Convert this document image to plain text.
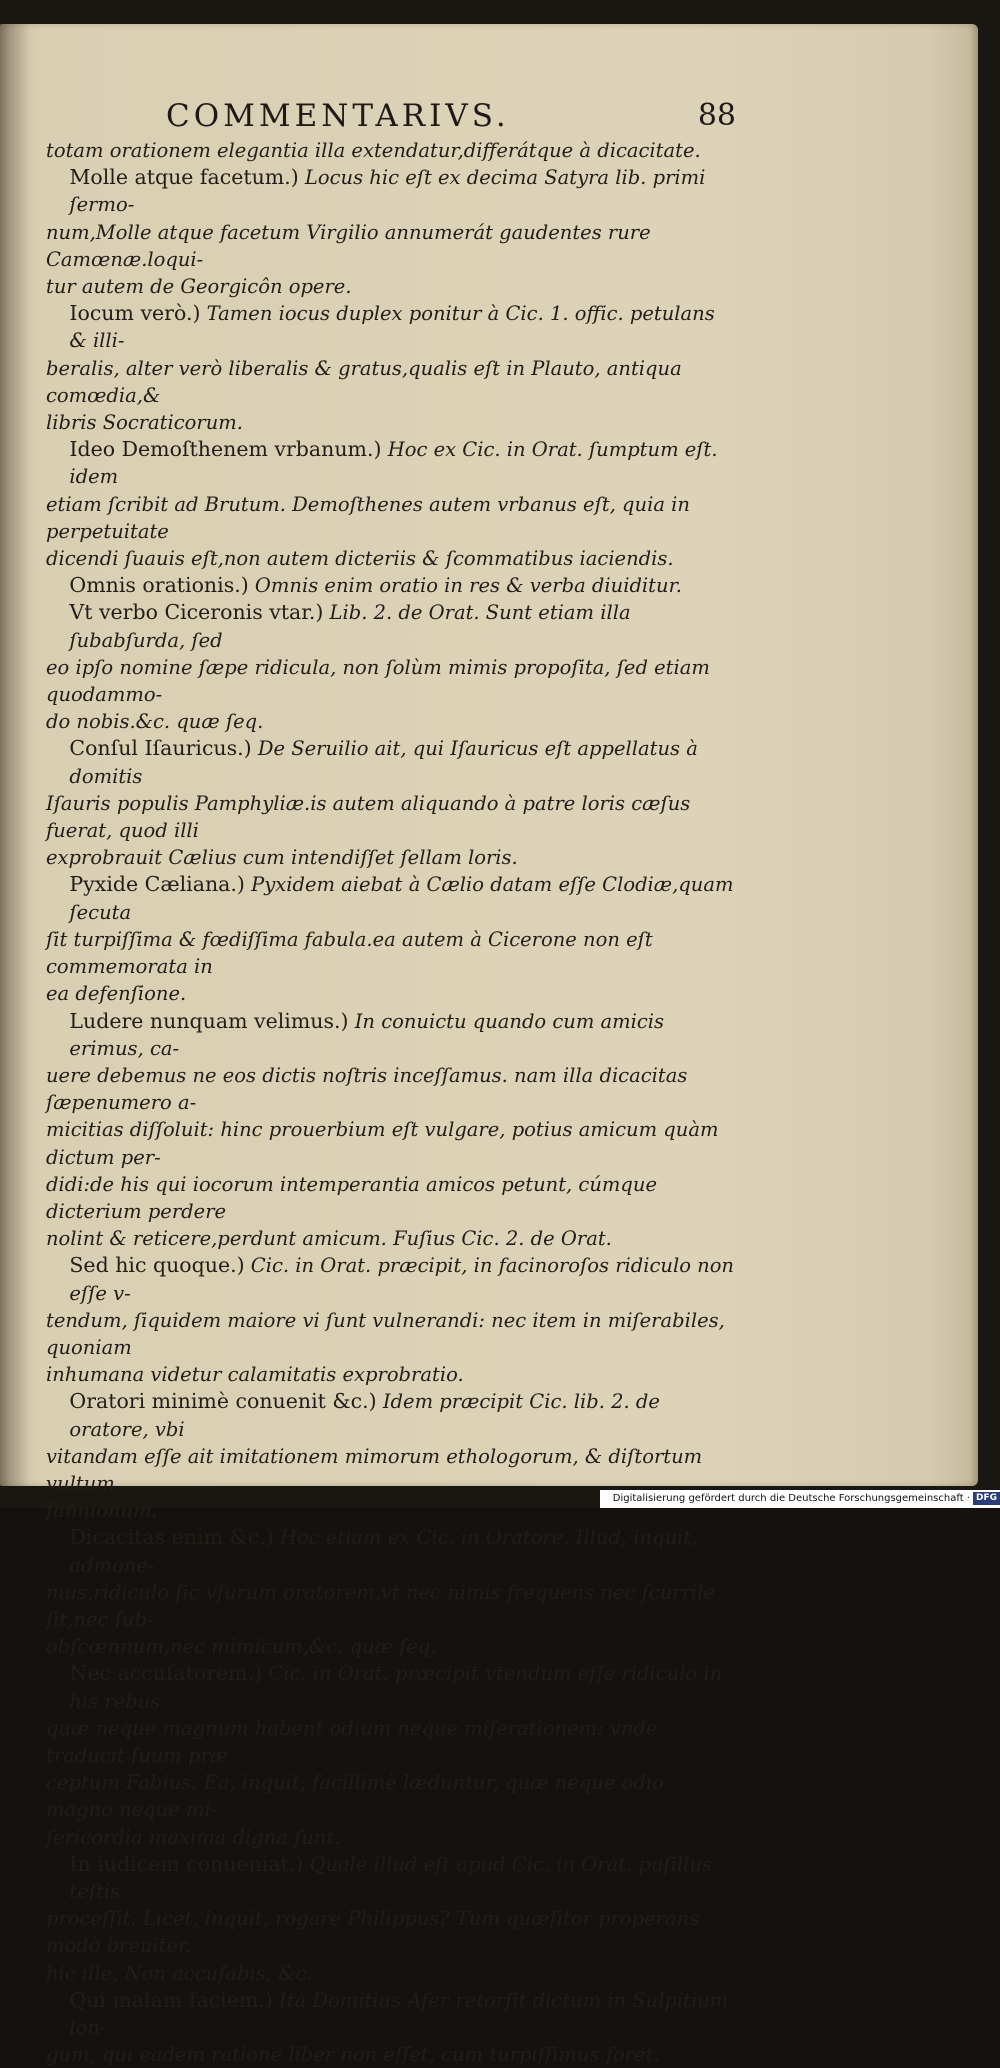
COMMENTARIVS.	88
totam orationem elegantia illa extendatur,differátque à dicacitate.
Molle atque facetum.) Locus hic eſt ex decima Satyra lib. primi ſermo-
num,Molle atque facetum Virgilio annumerát gaudentes rure Camœnæ.loqui-
tur autem de Georgicôn opere.
Iocum verò.) Tamen iocus duplex ponitur à Cic. 1. offic. petulans & illi-
beralis, alter verò liberalis & gratus,qualis eſt in Plauto, antiqua comœdia,&
libris Socraticorum.
Ideo Demoſthenem vrbanum.) Hoc ex Cic. in Orat. ſumptum eſt. idem
etiam ſcribit ad Brutum. Demoſthenes autem vrbanus eſt, quia in perpetuitate
dicendi ſuauis eſt,non autem dicteriis & ſcommatibus iaciendis.
Omnis orationis.) Omnis enim oratio in res & verba diuiditur.
Vt verbo Ciceronis vtar.) Lib. 2. de Orat. Sunt etiam illa ſubabſurda, ſed
eo ipſo nomine ſæpe ridicula, non ſolùm mimis propoſita, ſed etiam quodammo-
do nobis.&c. quæ ſeq.
Conſul Iſauricus.) De Seruilio ait, qui Iſauricus eſt appellatus à domitis
Iſauris populis Pamphyliæ.is autem aliquando à patre loris cæſus fuerat, quod illi
exprobrauit Cælius cum intendiſſet ſellam loris.
Pyxide Cæliana.) Pyxidem aiebat à Cælio datam eſſe Clodiæ,quam ſecuta
ſit turpiſſima & fœdiſſima fabula.ea autem à Cicerone non eſt commemorata in
ea defenſione.
Ludere nunquam velimus.) In conuictu quando cum amicis erimus, ca-
uere debemus ne eos dictis noſtris inceſſamus. nam illa dicacitas ſæpenumero a-
micitias diſſoluit: hinc prouerbium eſt vulgare, potius amicum quàm dictum per-
didi:de his qui iocorum intemperantia amicos petunt, cúmque dicterium perdere
nolint & reticere,perdunt amicum. Fuſius Cic. 2. de Orat.
Sed hic quoque.) Cic. in Orat. præcipit, in facinoroſos ridiculo non eſſe v-
tendum, ſiquidem maiore vi ſunt vulnerandi: nec item in miſerabiles, quoniam
inhumana videtur calamitatis exprobratio.
Oratori minimè conuenit &c.) Idem præcipit Cic. lib. 2. de oratore, vbi
vitandam eſſe ait imitationem mimorum ethologorum, & diſtortum vultum
ſannionum.
Dicacitas enim &c.) Hoc etiam ex Cic. in Oratore. Illud, inquit, admone-
mus,ridiculo ſic vſurum oratorem,vt nec nimis frequens nec ſcurrile ſit,nec ſub-
obſcœnnum,nec mimicum,&c. quæ ſeq.
Nec accuſatorem.) Cic. in Orat. præcipit vtendum eſſe ridiculo in his rebus
quæ neque magnum habent odium neque miſerationem: vnde traducit ſuum præ
ceptum Fabius. Ea, inquit, facillimè læduntur, quæ neque odio magno neque mi-
ſericordia maxima digna ſunt.
In iudicem conueniat.) Quale illud eſt apud Cic. in Orat. puſillus teſtis
proceſſit. Licet, inquit, rogare Philippus? Tum quæſitor properans modò breuiter.
hic ille, Non accuſabis, &c.
Qui malam faciem.) Ita Domitius Afer retorſit dictum in Sulpitium lon-
gum, qui eadem ratione liber non eſſet, cum turpiſſimus foret.
Digitalisierung gefördert durch die Deutsche Forschungsgemeinschaft · DFG
